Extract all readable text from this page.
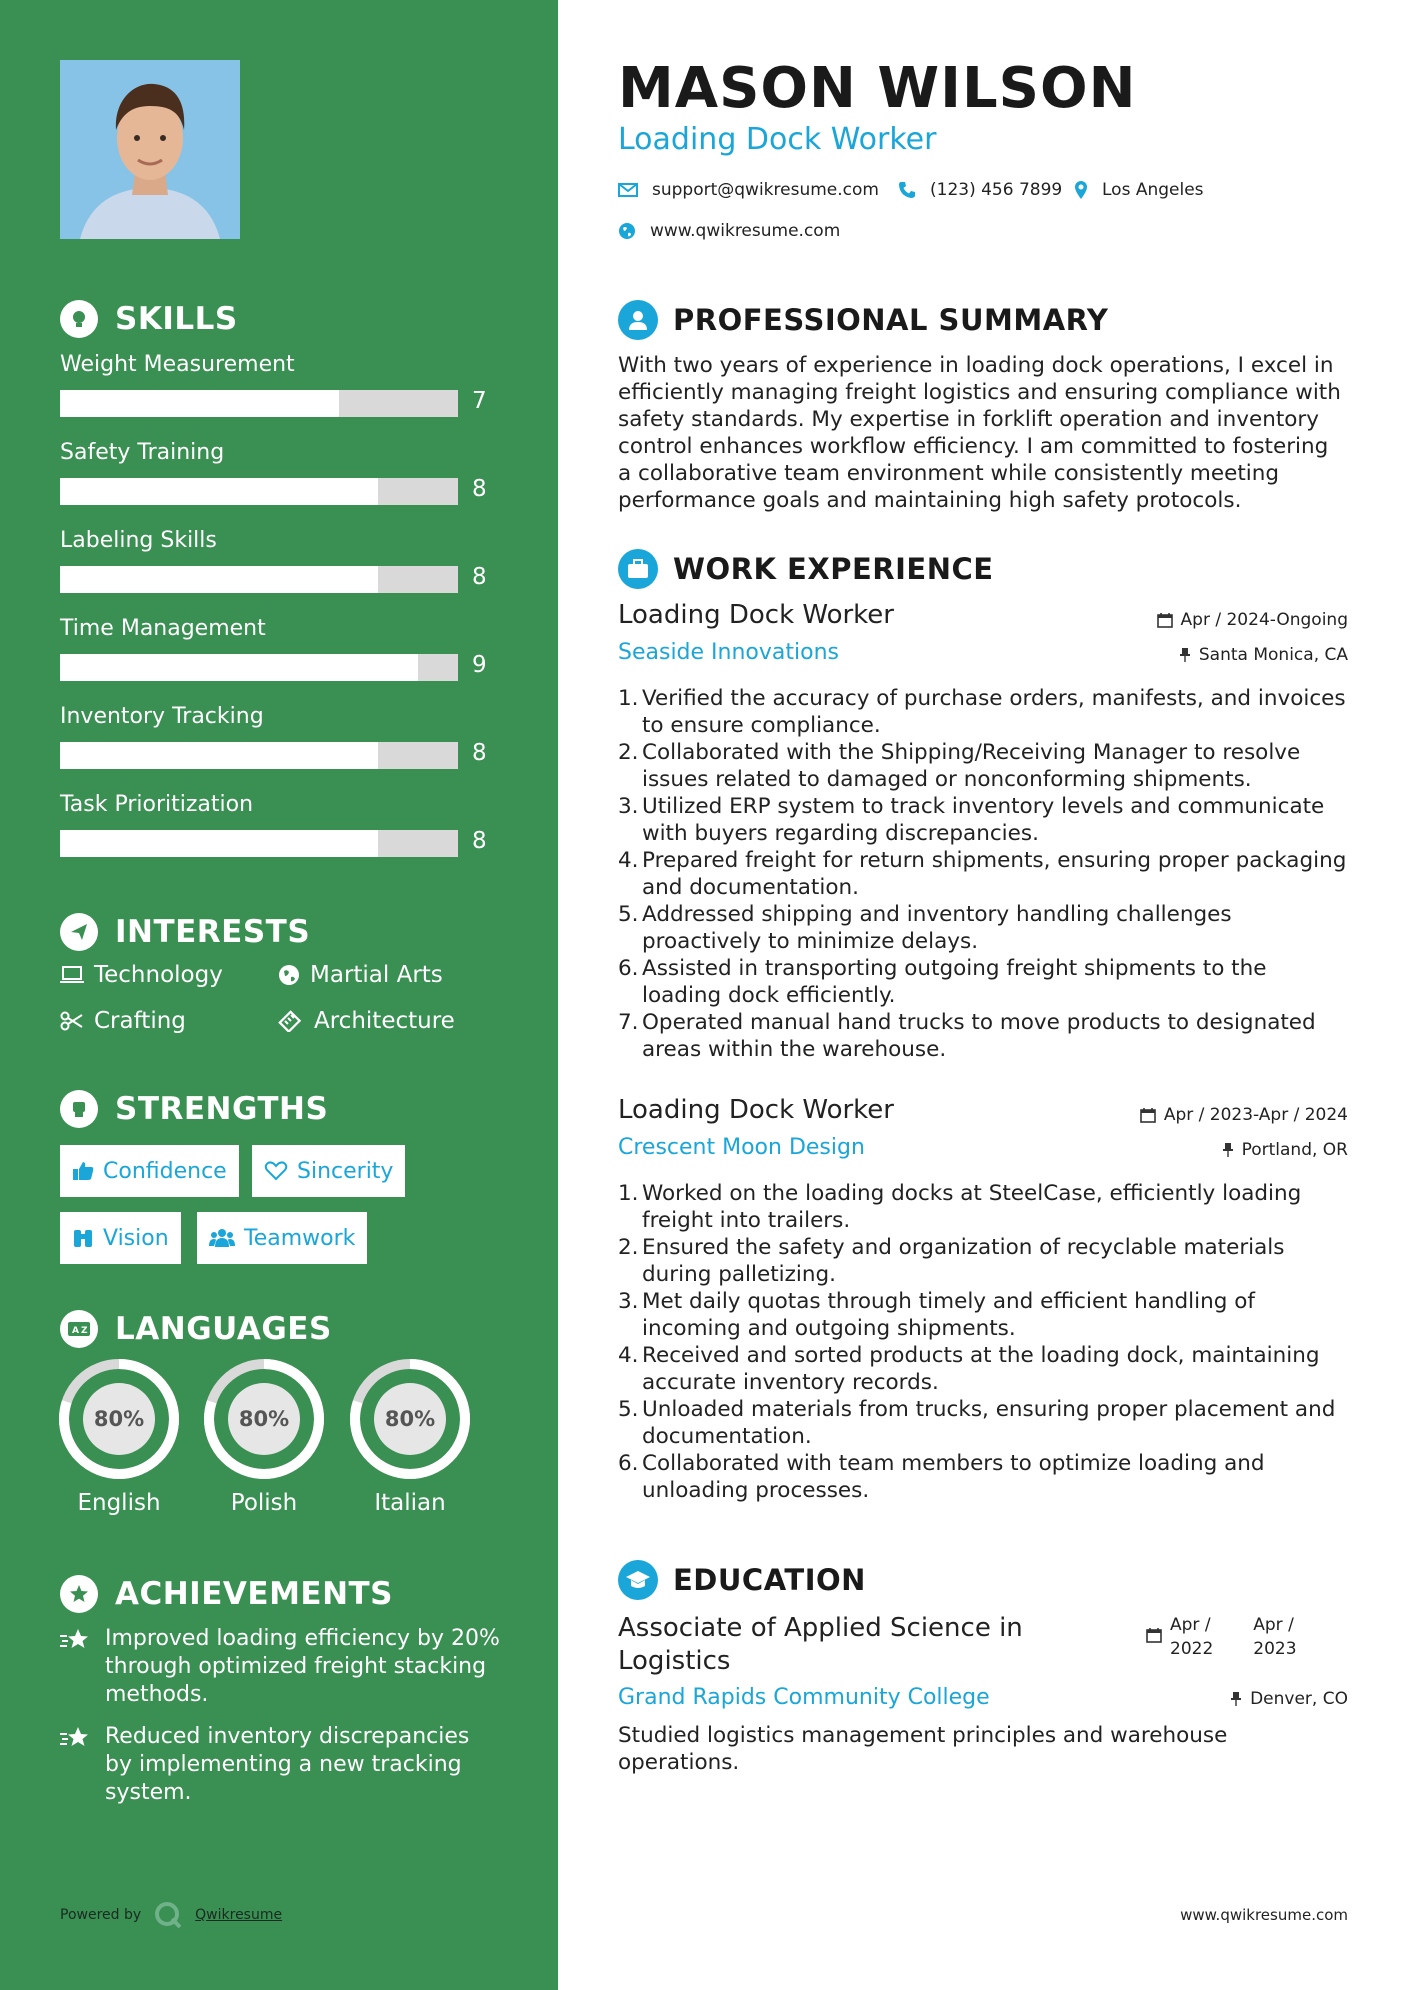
SKILLS
Weight Measurement
7
Safety Training
8
Labeling Skills
8
Time Management
9
Inventory Tracking
8
Task Prioritization
8
INTERESTS
Technology	Martial Arts
Crafting	Architecture
STRENGTHS
Confidence	Sincerity
Vision	Teamwork
A Z LANGUAGES
80%
English
80%
Polish
80%
Italian
ACHIEVEMENTS
Improved loading efficiency by 20% through optimized freight stacking methods.
Reduced inventory discrepancies by implementing a new tracking system.
Powered by	Qwikresume
MASON WILSON
Loading Dock Worker
support@qwikresume.com	(123) 456 7899 Los Angeles
www.qwikresume.com
PROFESSIONAL SUMMARY
With two years of experience in loading dock operations, I excel in efficiently managing freight logistics and ensuring compliance with safety standards. My expertise in forklift operation and inventory control enhances workflow efficiency. I am committed to fostering a collaborative team environment while consistently meeting performance goals and maintaining high safety protocols.
WORK EXPERIENCE
Loading Dock Worker	Apr / 2024-Ongoing
Seaside Innovations	Santa Monica, CA
1. Verified the accuracy of purchase orders, manifests, and invoices to ensure compliance.
2. Collaborated with the Shipping/Receiving Manager to resolve issues related to damaged or nonconforming shipments.
3. Utilized ERP system to track inventory levels and communicate with buyers regarding discrepancies.
4. Prepared freight for return shipments, ensuring proper packaging and documentation.
5. Addressed shipping and inventory handling challenges proactively to minimize delays.
6. Assisted in transporting outgoing freight shipments to the loading dock efficiently.
7. Operated manual hand trucks to move products to designated areas within the warehouse.
Loading Dock Worker	Apr / 2023-Apr / 2024
Crescent Moon Design	Portland, OR
1. Worked on the loading docks at SteelCase, efficiently loading freight into trailers.
2. Ensured the safety and organization of recyclable materials during palletizing.
3. Met daily quotas through timely and efficient handling of incoming and outgoing shipments.
4. Received and sorted products at the loading dock, maintaining accurate inventory records.
5. Unloaded materials from trucks, ensuring proper placement and documentation.
6. Collaborated with team members to optimize loading and unloading processes.
EDUCATION
Associate of Applied Science in
Logistics
Apr /
2022
Apr /
2023
Grand Rapids Community College	Denver, CO
Studied logistics management principles and warehouse operations.
www.qwikresume.com
